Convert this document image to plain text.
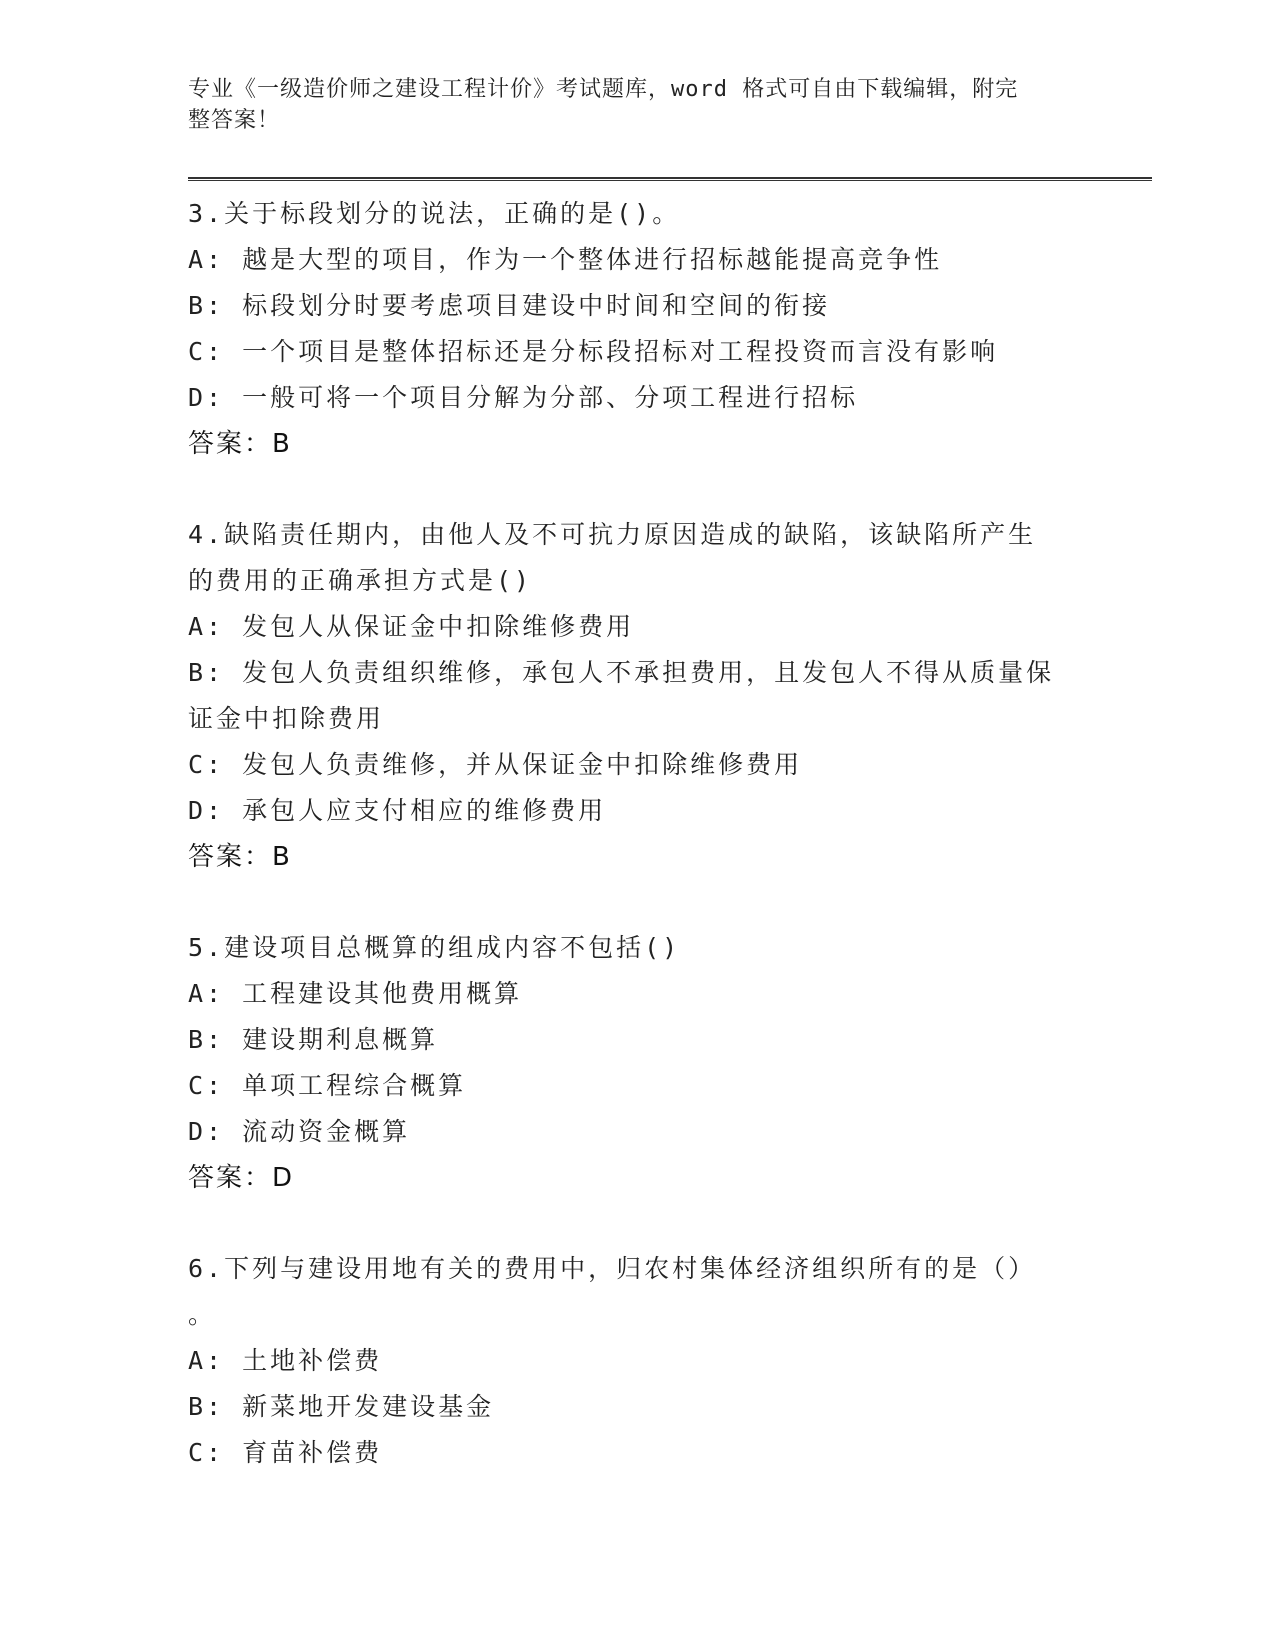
专业《一级造价师之建设工程计价》考试题库，word 格式可自由下载编辑，附完
整答案！
3.关于标段划分的说法，正确的是()。
A: 越是大型的项目，作为一个整体进行招标越能提高竞争性
B: 标段划分时要考虑项目建设中时间和空间的衔接
C: 一个项目是整体招标还是分标段招标对工程投资而言没有影响
D: 一般可将一个项目分解为分部、分项工程进行招标
答案：B
4.缺陷责任期内，由他人及不可抗力原因造成的缺陷，该缺陷所产生
的费用的正确承担方式是()
A: 发包人从保证金中扣除维修费用
B: 发包人负责组织维修，承包人不承担费用，且发包人不得从质量保
证金中扣除费用
C: 发包人负责维修，并从保证金中扣除维修费用
D: 承包人应支付相应的维修费用
答案：B
5.建设项目总概算的组成内容不包括()
A: 工程建设其他费用概算
B: 建设期利息概算
C: 单项工程综合概算
D: 流动资金概算
答案：D
6.下列与建设用地有关的费用中，归农村集体经济组织所有的是（）
。
A: 土地补偿费
B: 新菜地开发建设基金
C: 育苗补偿费
